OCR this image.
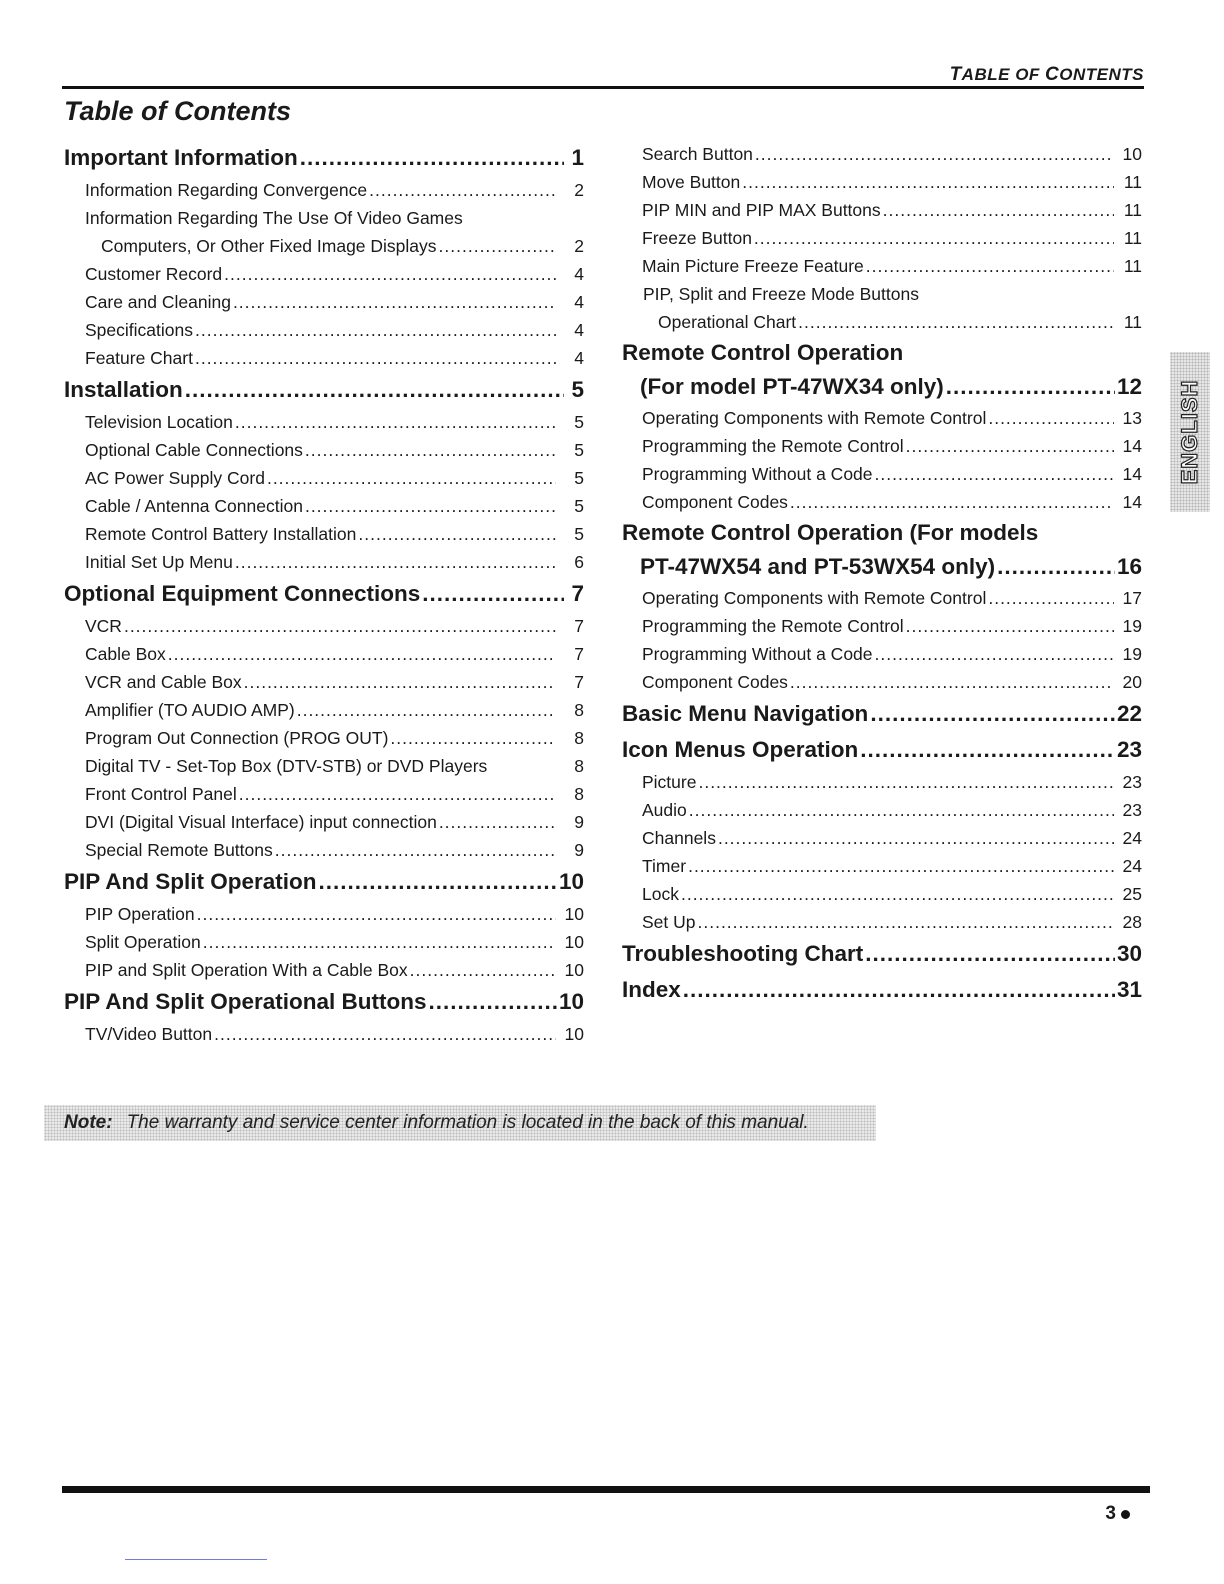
TABLE OF CONTENTS
Table of Contents
Important Information .....	1
Information Regarding Convergence .....	2
Information Regarding The Use Of Video Games
Computers, Or Other Fixed Image Displays .....	2
Customer Record .....	4
Care and Cleaning .....	4
Specifications .....	4
Feature Chart .....	4
Installation .....	5
Television Location .....	5
Optional Cable Connections .....	5
AC Power Supply Cord .....	5
Cable / Antenna Connection .....	5
Remote Control Battery Installation .....	5
Initial Set Up Menu .....	6
Optional Equipment Connections .....	7
VCR .....	7
Cable Box .....	7
VCR and Cable Box .....	7
Amplifier (TO AUDIO AMP) .....	8
Program Out Connection (PROG OUT) .....	8
Digital TV - Set-Top Box (DTV-STB) or DVD Players	8
Front Control Panel .....	8
DVI (Digital Visual Interface) input connection .....	9
Special Remote Buttons .....	9
PIP And Split Operation .....	10
PIP Operation .....	10
Split Operation .....	10
PIP and Split Operation With a Cable Box .....	10
PIP And Split Operational Buttons .....	10
TV/Video Button .....	10
Search Button .....	10
Move Button .....	11
PIP MIN and PIP MAX Buttons .....	11
Freeze Button .....	11
Main Picture Freeze Feature .....	11
PIP, Split and Freeze Mode Buttons
Operational Chart .....	11
Remote Control Operation
(For model PT-47WX34 only) .....	12
Operating Components with Remote Control .....	13
Programming the Remote Control .....	14
Programming Without a Code .....	14
Component Codes .....	14
Remote Control Operation (For models
PT-47WX54 and PT-53WX54 only) .....	16
Operating Components with Remote Control .....	17
Programming the Remote Control .....	19
Programming Without a Code .....	19
Component Codes .....	20
Basic Menu Navigation .....	22
Icon Menus Operation .....	23
Picture .....	23
Audio .....	23
Channels .....	24
Timer .....	24
Lock .....	25
Set Up .....	28
Troubleshooting Chart .....	30
Index .....	31
Note: The warranty and service center information is located in the back of this manual.
ENGLISH
3
